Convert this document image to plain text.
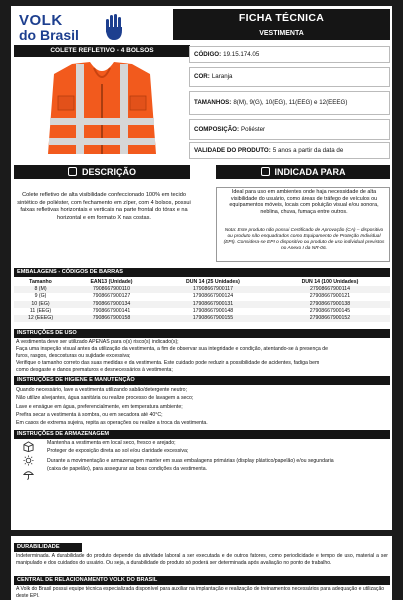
VOLK
do Brasil
FICHA TÉCNICA
VESTIMENTA
COLETE REFLETIVO - 4 BOLSOS	CÓDIGO: 19.15.174.05
COR: Laranja
TAMANHOS: 8(M), 9(G), 10(EG), 11(EEG) e 12(EEEG)
COMPOSIÇÃO: Poliéster
VALIDADE DO PRODUTO: 5 anos a partir da data de
DESCRIÇÃO	INDICADA PARA
Colete refletivo de alta visibilidade confeccionado 100% em tecido sintético de poliéster, com fechamento em zíper, com 4 bolsos, possui faixas refletivas horizontais e verticais na parte frontal do tórax e na horizontal e em formato X nas costas.
Ideal para uso em ambientes onde haja necessidade de alta visibilidade do usuário, como áreas de tráfego de veículos ou equipamentos móveis, locais com poluição visual e/ou sonora, neblina, chuva, fumaça entre outros.
Nota: Este produto não possui Certificado de Aprovação (CA) – dispositivo ou produto não enquadrados como Equipamento de Proteção Individual (EPI). Considera-se EPI o dispositivo ou produto de uso individual previstos no Anexo I da NR-06.
EMBALAGENS - CÓDIGOS DE BARRAS
Tamanho	EAN13 (Unidade)	DUN 14 (25 Unidades)	DUN 14 (100 Unidades)
8 (M)	7908667900110	17908667900117	27908667900114
9 (G)	7908667900127	17908667900124	27908667900121
10 (EG)	7908667900134	17908667900131	27908667900138
11 (EEG)	7908667900141	17908667900148	27908667900145
12 (EEEG)	7908667900158	17908667900155	27908667900152
INSTRUÇÕES DE USO
A vestimenta deve ser utilizado APENAS para o(s) risco(s) indicado(s);
Faça uma inspeção visual antes da utilização da vestimenta, a fim de observar sua integridade e condição, atentando-se à presença de
furos, rasgos, descosturas ou sujidade excessiva;
Verifique o tamanho correto das suas medidas e da vestimenta. Este cuidado pode reduzir a possibilidade de acidentes, fadiga bem
como desgaste e danos prematuros e desnecessários à vestimenta;
INSTRUÇÕES DE HIGIENE E MANUTENÇÃO
Quando necessário, lave a vestimenta utilizando sabão/detergente neutro;
Não utilize alvejantes, água sanitária ou realize processo de lavagem a seco;
Lave e enxágue em água, preferencialmente, em temperatura ambiente;
Prefira secar a vestimenta à sombra, ou em secadora até 40°C;
Em casos de extrema sujeira, repita as operações ou realize a troca da vestimenta.
INSTRUÇÕES DE ARMAZENAGEM
Mantenha a vestimenta em local seco, fresco e arejado;
Proteger de exposição direta ao sol e/ou claridade excessiva;
Durante a movimentação e armazenagem manter em suas embalagens primárias (display plástico/papelão) e/ou segundaria
(caixa de papelão), para assegurar as boas condições da vestimenta.
DURABILIDADE
Indeterminada. A durabilidade do produto depende da atividade laboral a ser executada e de outros fatores, como periodicidade e tempo de uso, material a ser manipulado e dos cuidados do usuário. Ou seja, a durabilidade do produto só poderá ser determinada após avaliação no ponto de trabalho.
CENTRAL DE RELACIONAMENTO VOLK DO BRASIL
A Volk do Brasil possui equipe técnica especializada disponível para auxiliar na implantação e realização de treinamentos necessários para adequação e utilização deste EPI.
